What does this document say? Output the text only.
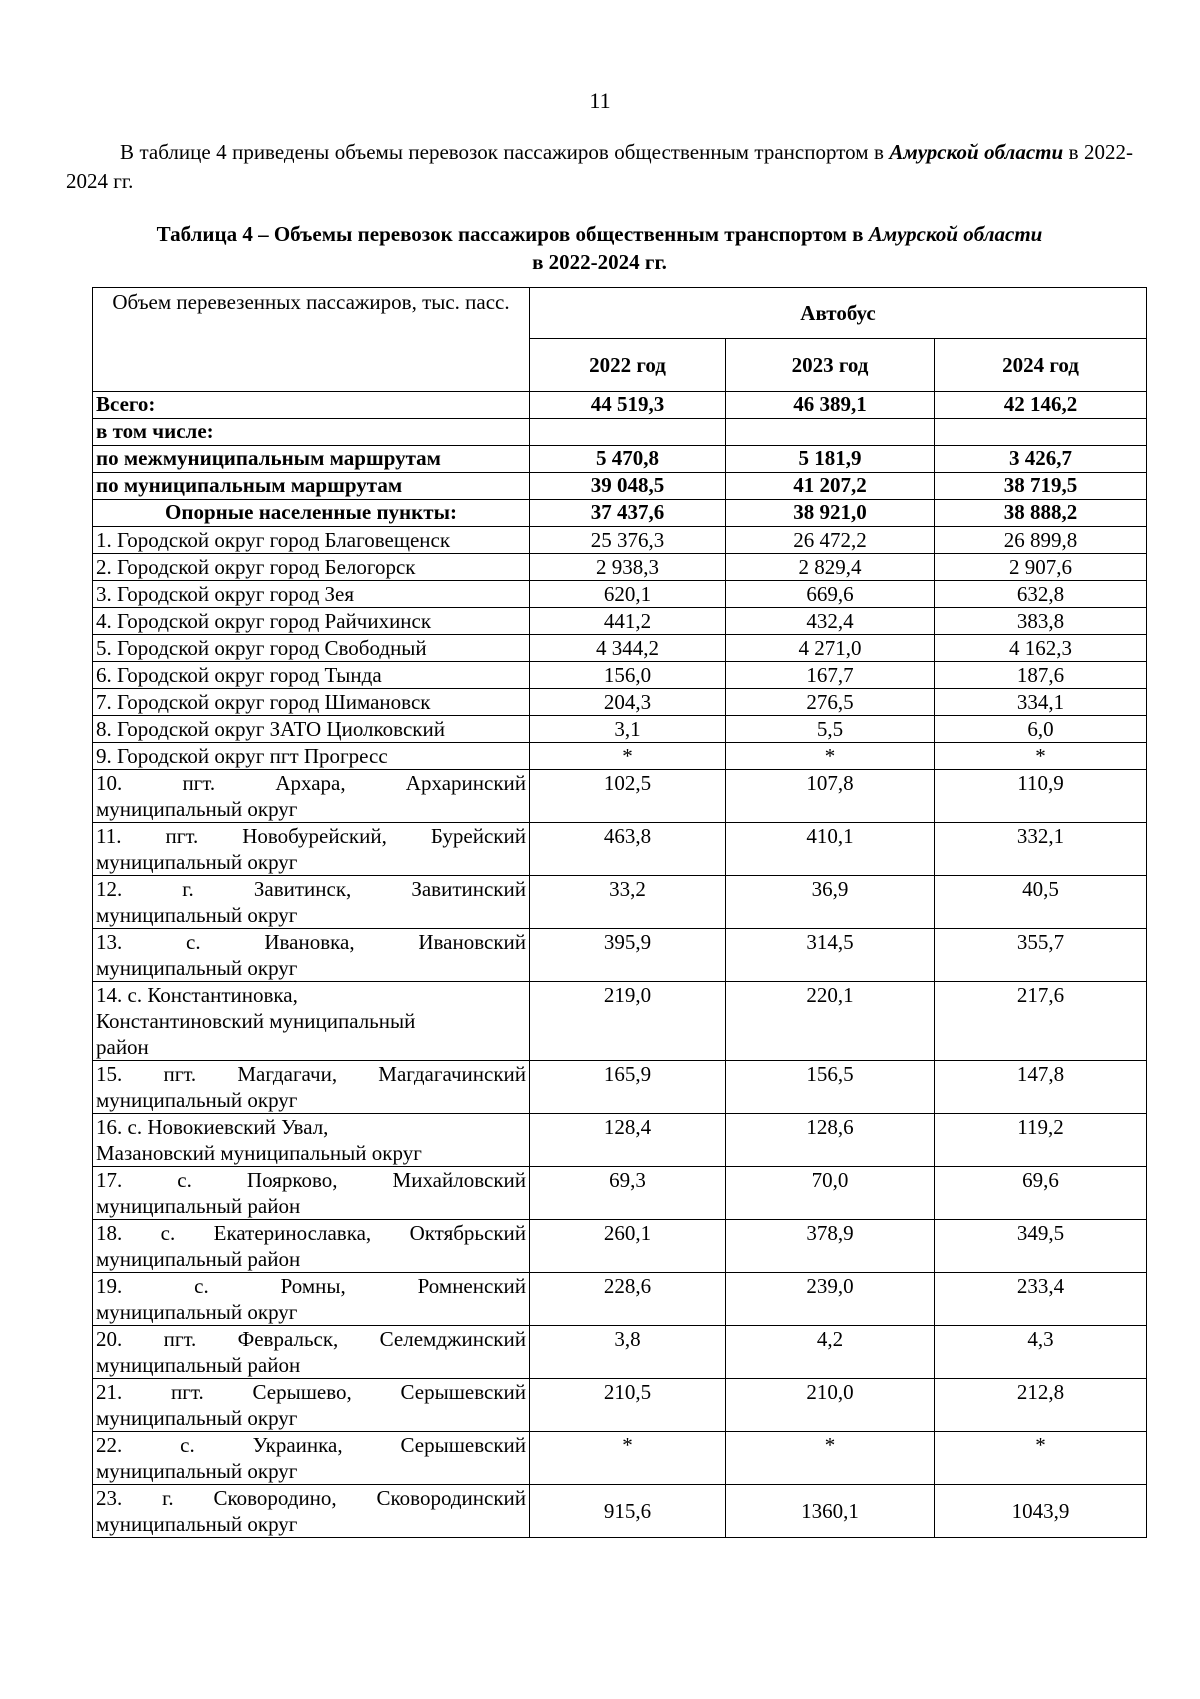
11

В таблице 4 приведены объемы перевозок пассажиров общественным транспортом в Амурской области в 2022-2024 гг.

Таблица 4 – Объемы перевозок пассажиров общественным транспортом в Амурской области
в 2022-2024 гг.

Объем перевезенных пассажиров, тыс. пасс.	Автобус		
	2022 год	2023 год	2024 год
Всего:	44 519,3	46 389,1	42 146,2
в том числе:			
по межмуниципальным маршрутам	5 470,8	5 181,9	3 426,7
по муниципальным маршрутам	39 048,5	41 207,2	38 719,5
Опорные населенные пункты:	37 437,6	38 921,0	38 888,2

1. Городской округ город Благовещенск	25 376,3	26 472,2	26 899,8

2. Городской округ город Белогорск	2 938,3	2 829,4	2 907,6

3. Городской округ город Зея	620,1	669,6	632,8

4. Городской округ город Райчихинск	441,2	432,4	383,8

5. Городской округ город Свободный	4 344,2	4 271,0	4 162,3

6. Городской округ город Тында	156,0	167,7	187,6

7. Городской округ город Шимановск	204,3	276,5	334,1

8. Городской округ ЗАТО Циолковский	3,1	5,5	6,0

9. Городской округ пгт Прогресс	*	*	*

10. пгт. Архара, Архаринский
муниципальный округ	102,5	107,8	110,9

11. пгт. Новобурейский, Бурейский
муниципальный округ	463,8	410,1	332,1

12. г. Завитинск, Завитинский
муниципальный округ	33,2	36,9	40,5

13. с. Ивановка, Ивановский
муниципальный округ	395,9	314,5	355,7

14. с. Константиновка,
Константиновский муниципальный
район	219,0	220,1	217,6

15. пгт. Магдагачи, Магдагачинский
муниципальный округ	165,9	156,5	147,8

16. с. Новокиевский Увал,
Мазановский муниципальный округ	128,4	128,6	119,2

17. с. Поярково, Михайловский
муниципальный район	69,3	70,0	69,6

18. с. Екатеринославка, Октябрьский
муниципальный район	260,1	378,9	349,5

19. с. Ромны, Ромненский
муниципальный округ	228,6	239,0	233,4

20. пгт. Февральск, Селемджинский
муниципальный район	3,8	4,2	4,3

21. пгт. Серышево, Серышевский
муниципальный округ	210,5	210,0	212,8

22. с. Украинка, Серышевский
муниципальный округ	*	*	*

23. г. Сковородино, Сковородинский
муниципальный округ	915,6	1360,1	1043,9
